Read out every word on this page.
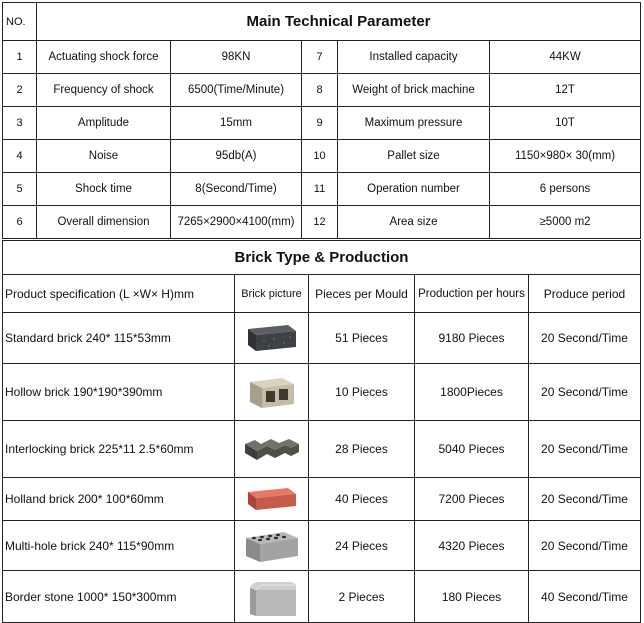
NO.	Main Technical Parameter				
1	Actuating shock force	98KN	7	Installed capacity	44KW
2	Frequency of shock	6500(Time/Minute)	8	Weight of brick machine	12T
3	Amplitude	15mm	9	Maximum pressure	10T
4	Noise	95db(A)	10	Pallet size	1150×980× 30(mm)
5	Shock time	8(Second/Time)	11	Operation number	6 persons
6	Overall dimension	7265×2900×4100(mm)	12	Area size	≥5000 m2
Brick Type & Production				
Product specification (L ×W× H)mm	Brick picture	Pieces per Mould	Production per hours	Produce period
Standard brick 240* 115*53mm		51 Pieces	9180 Pieces	20 Second/Time
Hollow brick 190*190*390mm		10 Pieces	1800Pieces	20 Second/Time
Interlocking brick 225*11 2.5*60mm		28 Pieces	5040 Pieces	20 Second/Time
Holland brick 200* 100*60mm		40 Pieces	7200 Pieces	20 Second/Time
Multi-hole brick 240* 115*90mm		24 Pieces	4320 Pieces	20 Second/Time
Border stone 1000* 150*300mm		2 Pieces	180 Pieces	40 Second/Time
